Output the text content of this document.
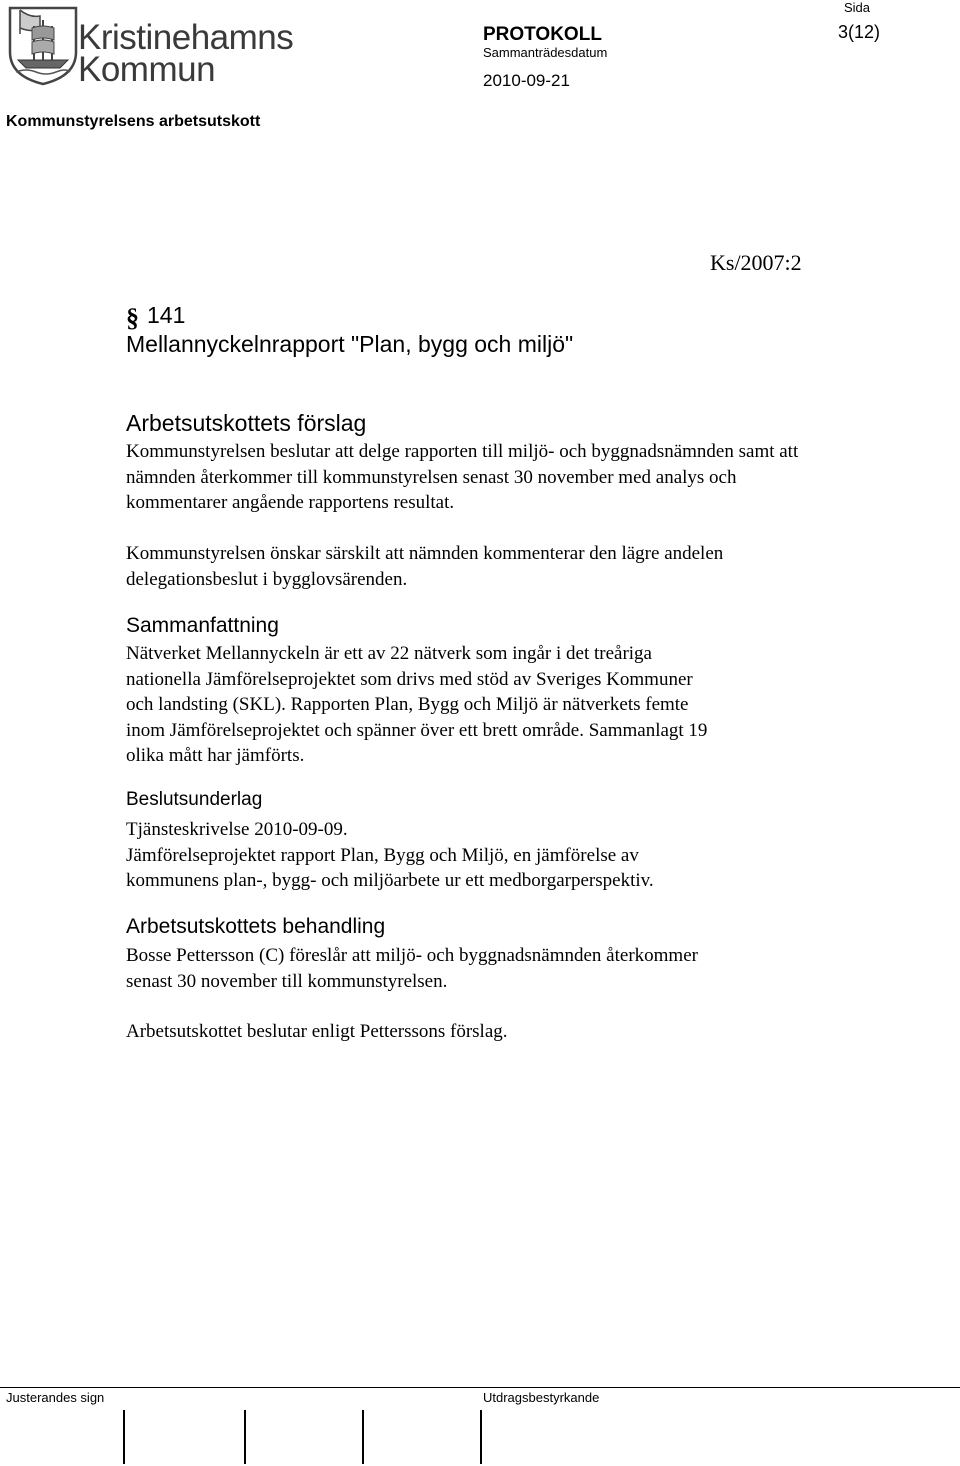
Kristinehamns
Kommun
Sida
3(12)
PROTOKOLL
Sammanträdesdatum
2010-09-21
Kommunstyrelsens arbetsutskott
Ks/2007:2
§ 141
Mellannyckelnrapport "Plan, bygg och miljö"
Arbetsutskottets förslag
Kommunstyrelsen beslutar att delge rapporten till miljö- och byggnadsnämnden samt att
nämnden återkommer till kommunstyrelsen senast 30 november med analys och
kommentarer angående rapportens resultat.
Kommunstyrelsen önskar särskilt att nämnden kommenterar den lägre andelen
delegationsbeslut i bygglovsärenden.
Sammanfattning
Nätverket Mellannyckeln är ett av 22 nätverk som ingår i det treåriga
nationella Jämförelseprojektet som drivs med stöd av Sveriges Kommuner
och landsting (SKL). Rapporten Plan, Bygg och Miljö är nätverkets femte
inom Jämförelseprojektet och spänner över ett brett område. Sammanlagt 19
olika mått har jämförts.
Beslutsunderlag
Tjänsteskrivelse 2010-09-09.
Jämförelseprojektet rapport Plan, Bygg och Miljö, en jämförelse av
kommunens plan-, bygg- och miljöarbete ur ett medborgarperspektiv.
Arbetsutskottets behandling
Bosse Pettersson (C) föreslår att miljö- och byggnadsnämnden återkommer
senast 30 november till kommunstyrelsen.
Arbetsutskottet beslutar enligt Petterssons förslag.
Justerandes sign	Utdragsbestyrkande
